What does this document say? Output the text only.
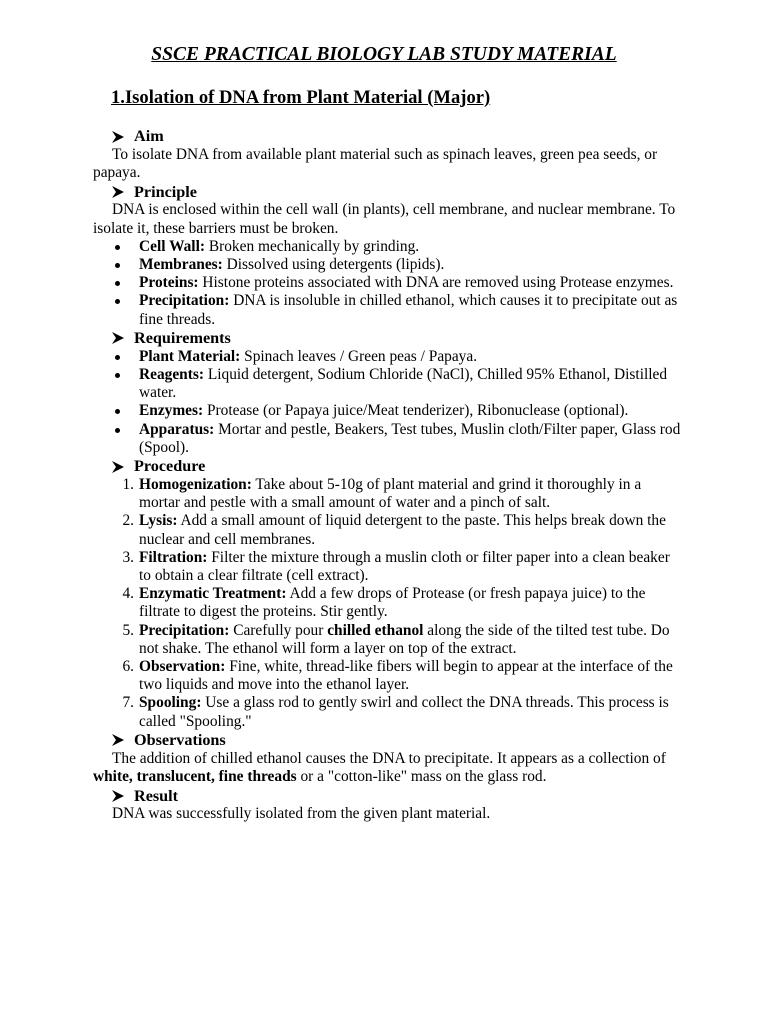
SSCE PRACTICAL BIOLOGY LAB STUDY MATERIAL
1.Isolation of DNA from Plant Material (Major)
Aim

To isolate DNA from available plant material such as spinach leaves, green pea seeds, or papaya.

Principle

DNA is enclosed within the cell wall (in plants), cell membrane, and nuclear membrane. To isolate it, these barriers must be broken.

Cell Wall: Broken mechanically by grinding.
Membranes: Dissolved using detergents (lipids).
Proteins: Histone proteins associated with DNA are removed using Protease enzymes.
Precipitation: DNA is insoluble in chilled ethanol, which causes it to precipitate out as fine threads.
Requirements
Plant Material: Spinach leaves / Green peas / Papaya.
Reagents: Liquid detergent, Sodium Chloride (NaCl), Chilled 95% Ethanol, Distilled water.
Enzymes: Protease (or Papaya juice/Meat tenderizer), Ribonuclease (optional).
Apparatus: Mortar and pestle, Beakers, Test tubes, Muslin cloth/Filter paper, Glass rod (Spool).
Procedure
1. Homogenization: Take about 5-10g of plant material and grind it thoroughly in a mortar and pestle with a small amount of water and a pinch of salt.
2. Lysis: Add a small amount of liquid detergent to the paste. This helps break down the nuclear and cell membranes.
3. Filtration: Filter the mixture through a muslin cloth or filter paper into a clean beaker to obtain a clear filtrate (cell extract).
4. Enzymatic Treatment: Add a few drops of Protease (or fresh papaya juice) to the filtrate to digest the proteins. Stir gently.
5. Precipitation: Carefully pour chilled ethanol along the side of the tilted test tube. Do not shake. The ethanol will form a layer on top of the extract.
6. Observation: Fine, white, thread-like fibers will begin to appear at the interface of the two liquids and move into the ethanol layer.
7. Spooling: Use a glass rod to gently swirl and collect the DNA threads. This process is called "Spooling."
Observations

The addition of chilled ethanol causes the DNA to precipitate. It appears as a collection of white, translucent, fine threads or a "cotton-like" mass on the glass rod.

Result

DNA was successfully isolated from the given plant material.
